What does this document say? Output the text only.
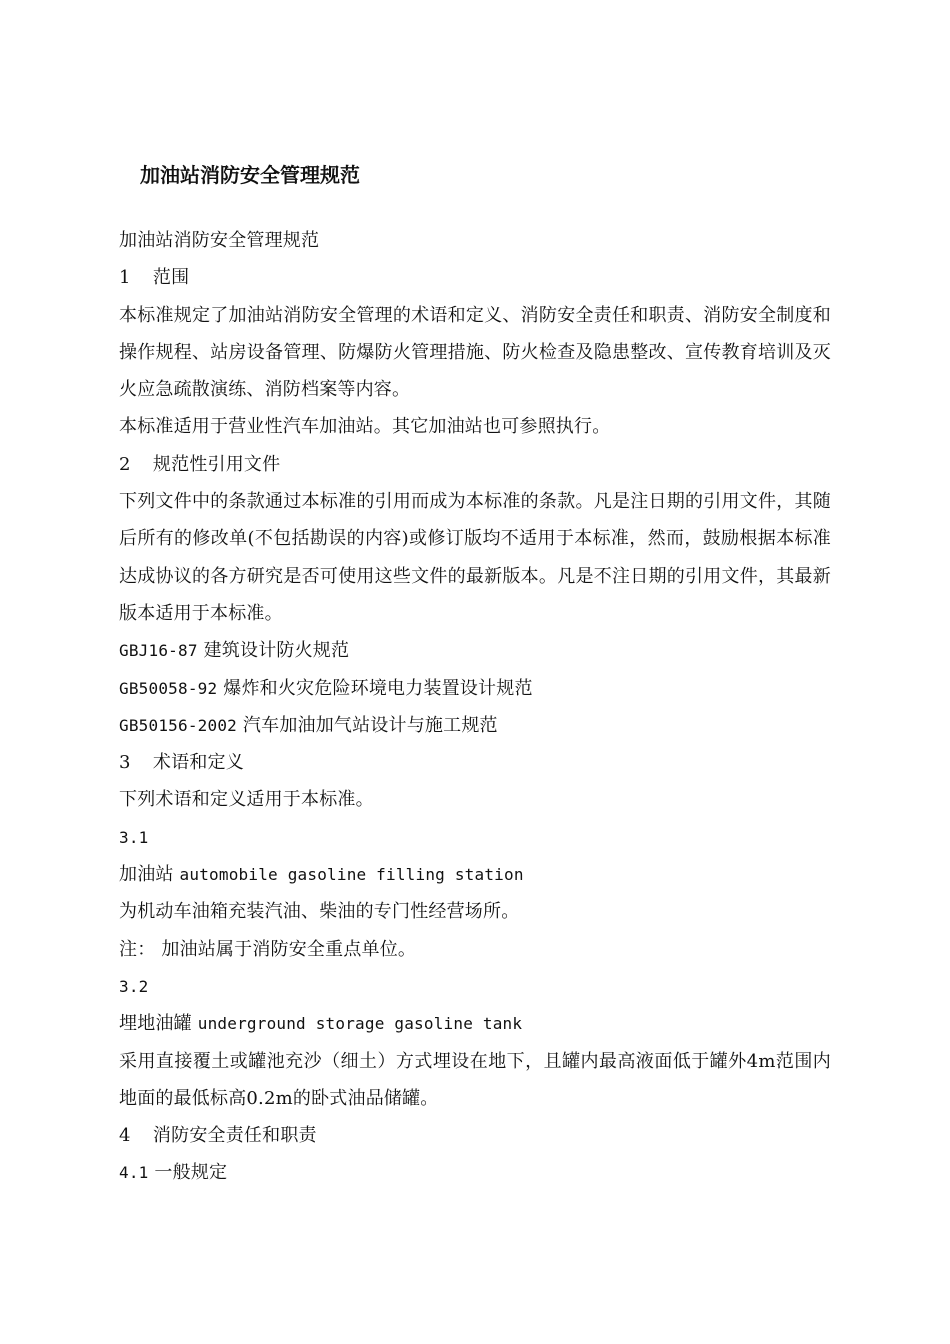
加油站消防安全管理规范

加油站消防安全管理规范

1 范围

本标准规定了加油站消防安全管理的术语和定义、消防安全责任和职责、消防安全制度和操作规程、站房设备管理、防爆防火管理措施、防火检查及隐患整改、宣传教育培训及灭火应急疏散演练、消防档案等内容。

本标准适用于营业性汽车加油站。其它加油站也可参照执行。

2 规范性引用文件

下列文件中的条款通过本标准的引用而成为本标准的条款。凡是注日期的引用文件，其随后所有的修改单(不包括勘误的内容)或修订版均不适用于本标准，然而，鼓励根据本标准达成协议的各方研究是否可使用这些文件的最新版本。凡是不注日期的引用文件，其最新版本适用于本标准。

GBJ16-87 建筑设计防火规范

GB50058-92 爆炸和火灾危险环境电力装置设计规范

GB50156-2002 汽车加油加气站设计与施工规范

3 术语和定义

下列术语和定义适用于本标准。

3.1

加油站 automobile gasoline filling station

为机动车油箱充装汽油、柴油的专门性经营场所。

注： 加油站属于消防安全重点单位。

3.2

埋地油罐 underground storage gasoline tank

采用直接覆土或罐池充沙（细土）方式埋设在地下，且罐内最高液面低于罐外4m范围内地面的最低标高0.2m的卧式油品储罐。

4 消防安全责任和职责

4.1 一般规定
